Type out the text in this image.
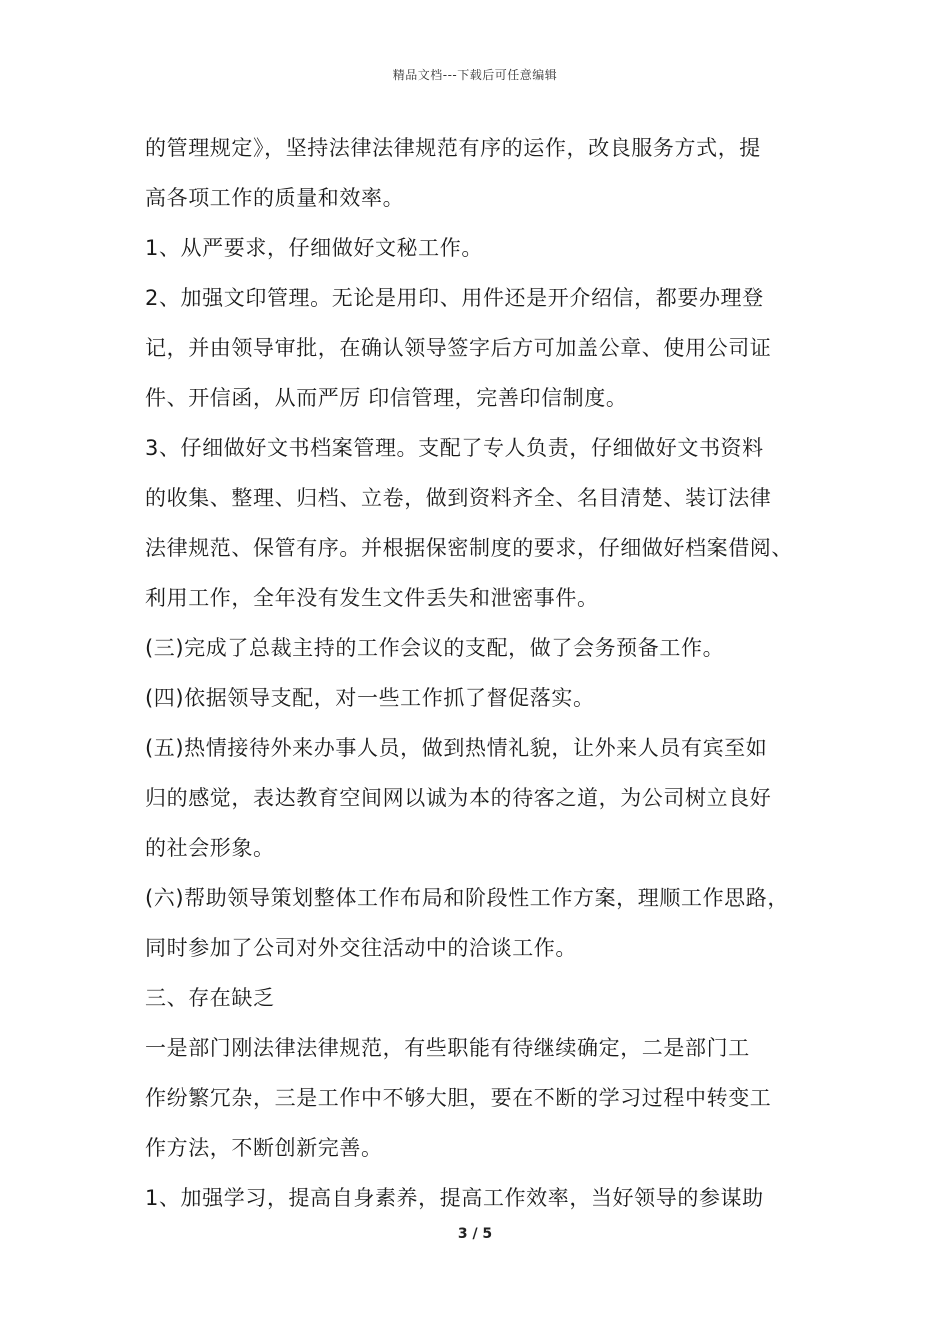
精品文档---下载后可任意编辑
的管理规定》，坚持法律法律规范有序的运作，改良服务方式，提
高各项工作的质量和效率。
1、从严要求，仔细做好文秘工作。
2、加强文印管理。无论是用印、用件还是开介绍信，都要办理登
记，并由领导审批，在确认领导签字后方可加盖公章、使用公司证
件、开信函，从而严厉 印信管理，完善印信制度。
3、仔细做好文书档案管理。支配了专人负责，仔细做好文书资料
的收集、整理、归档、立卷，做到资料齐全、名目清楚、装订法律
法律规范、保管有序。并根据保密制度的要求，仔细做好档案借阅、
利用工作，全年没有发生文件丢失和泄密事件。
(三)完成了总裁主持的工作会议的支配，做了会务预备工作。
(四)依据领导支配，对一些工作抓了督促落实。
(五)热情接待外来办事人员，做到热情礼貌，让外来人员有宾至如
归的感觉，表达教育空间网以诚为本的待客之道，为公司树立良好
的社会形象。
(六)帮助领导策划整体工作布局和阶段性工作方案，理顺工作思路，
同时参加了公司对外交往活动中的洽谈工作。
三、存在缺乏
一是部门刚法律法律规范，有些职能有待继续确定，二是部门工
作纷繁冗杂，三是工作中不够大胆，要在不断的学习过程中转变工
作方法，不断创新完善。
1、加强学习，提高自身素养，提高工作效率，当好领导的参谋助
3 / 5
